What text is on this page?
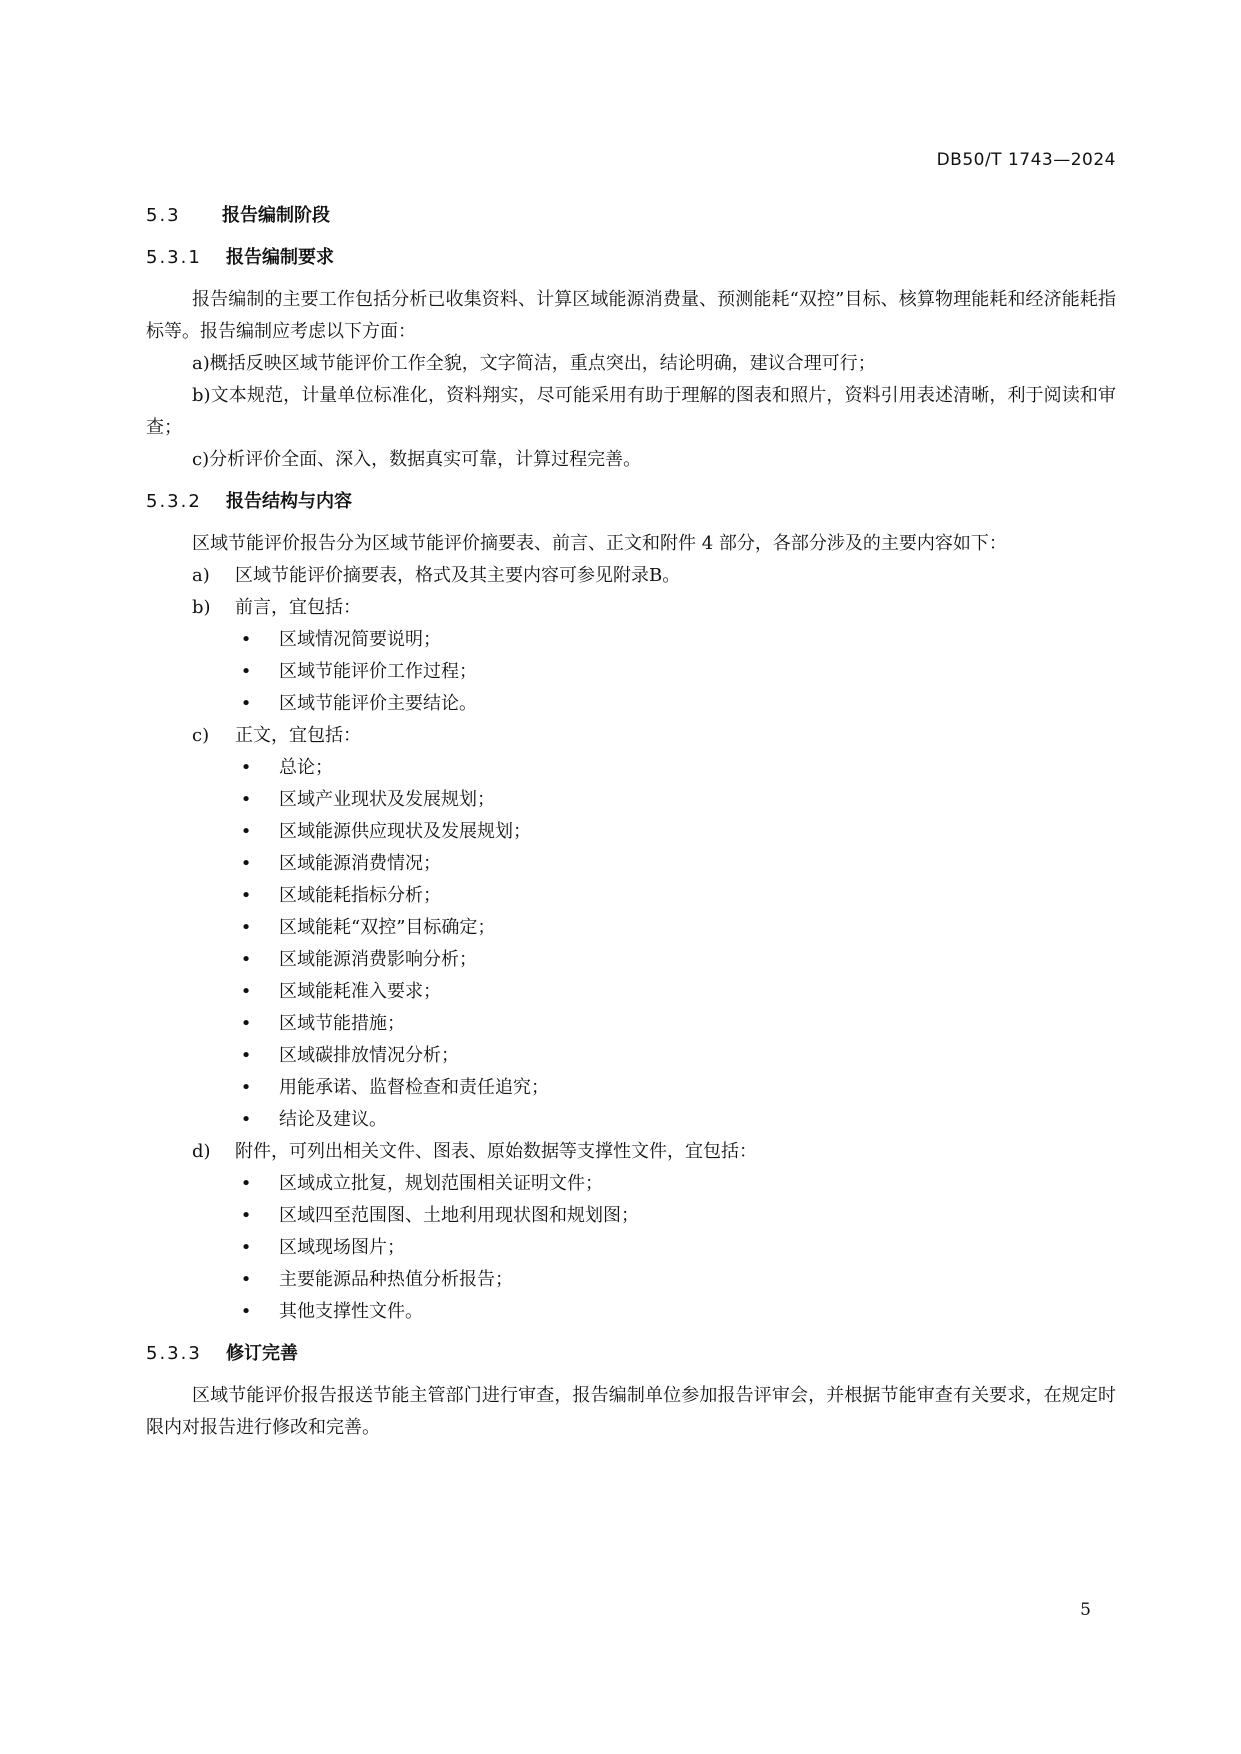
DB50/T 1743—2024
5.3 报告编制阶段
5.3.1 报告编制要求

报告编制的主要工作包括分析已收集资料、计算区域能源消费量、预测能耗“双控”目标、核算物理能耗和经济能耗指标等。报告编制应考虑以下方面：

a)概括反映区域节能评价工作全貌，文字简洁，重点突出，结论明确，建议合理可行；

b)文本规范，计量单位标准化，资料翔实，尽可能采用有助于理解的图表和照片，资料引用表述清晰，利于阅读和审查；

c)分析评价全面、深入，数据真实可靠，计算过程完善。

5.3.2 报告结构与内容

区域节能评价报告分为区域节能评价摘要表、前言、正文和附件 4 部分，各部分涉及的主要内容如下：

a)	区域节能评价摘要表，格式及其主要内容可参见附录B。
b)	前言，宜包括：
• 区域情况简要说明；
• 区域节能评价工作过程；
• 区域节能评价主要结论。
c)	正文，宜包括：
• 总论；
• 区域产业现状及发展规划；
• 区域能源供应现状及发展规划；
• 区域能源消费情况；
• 区域能耗指标分析；
• 区域能耗“双控”目标确定；
• 区域能源消费影响分析；
• 区域能耗准入要求；
• 区域节能措施；
• 区域碳排放情况分析；
• 用能承诺、监督检查和责任追究；
• 结论及建议。
d)	附件，可列出相关文件、图表、原始数据等支撑性文件，宜包括：
• 区域成立批复，规划范围相关证明文件；
• 区域四至范围图、土地利用现状图和规划图；
• 区域现场图片；
• 主要能源品种热值分析报告；
• 其他支撑性文件。
5.3.3 修订完善

区域节能评价报告报送节能主管部门进行审查，报告编制单位参加报告评审会，并根据节能审查有关要求，在规定时限内对报告进行修改和完善。

5
